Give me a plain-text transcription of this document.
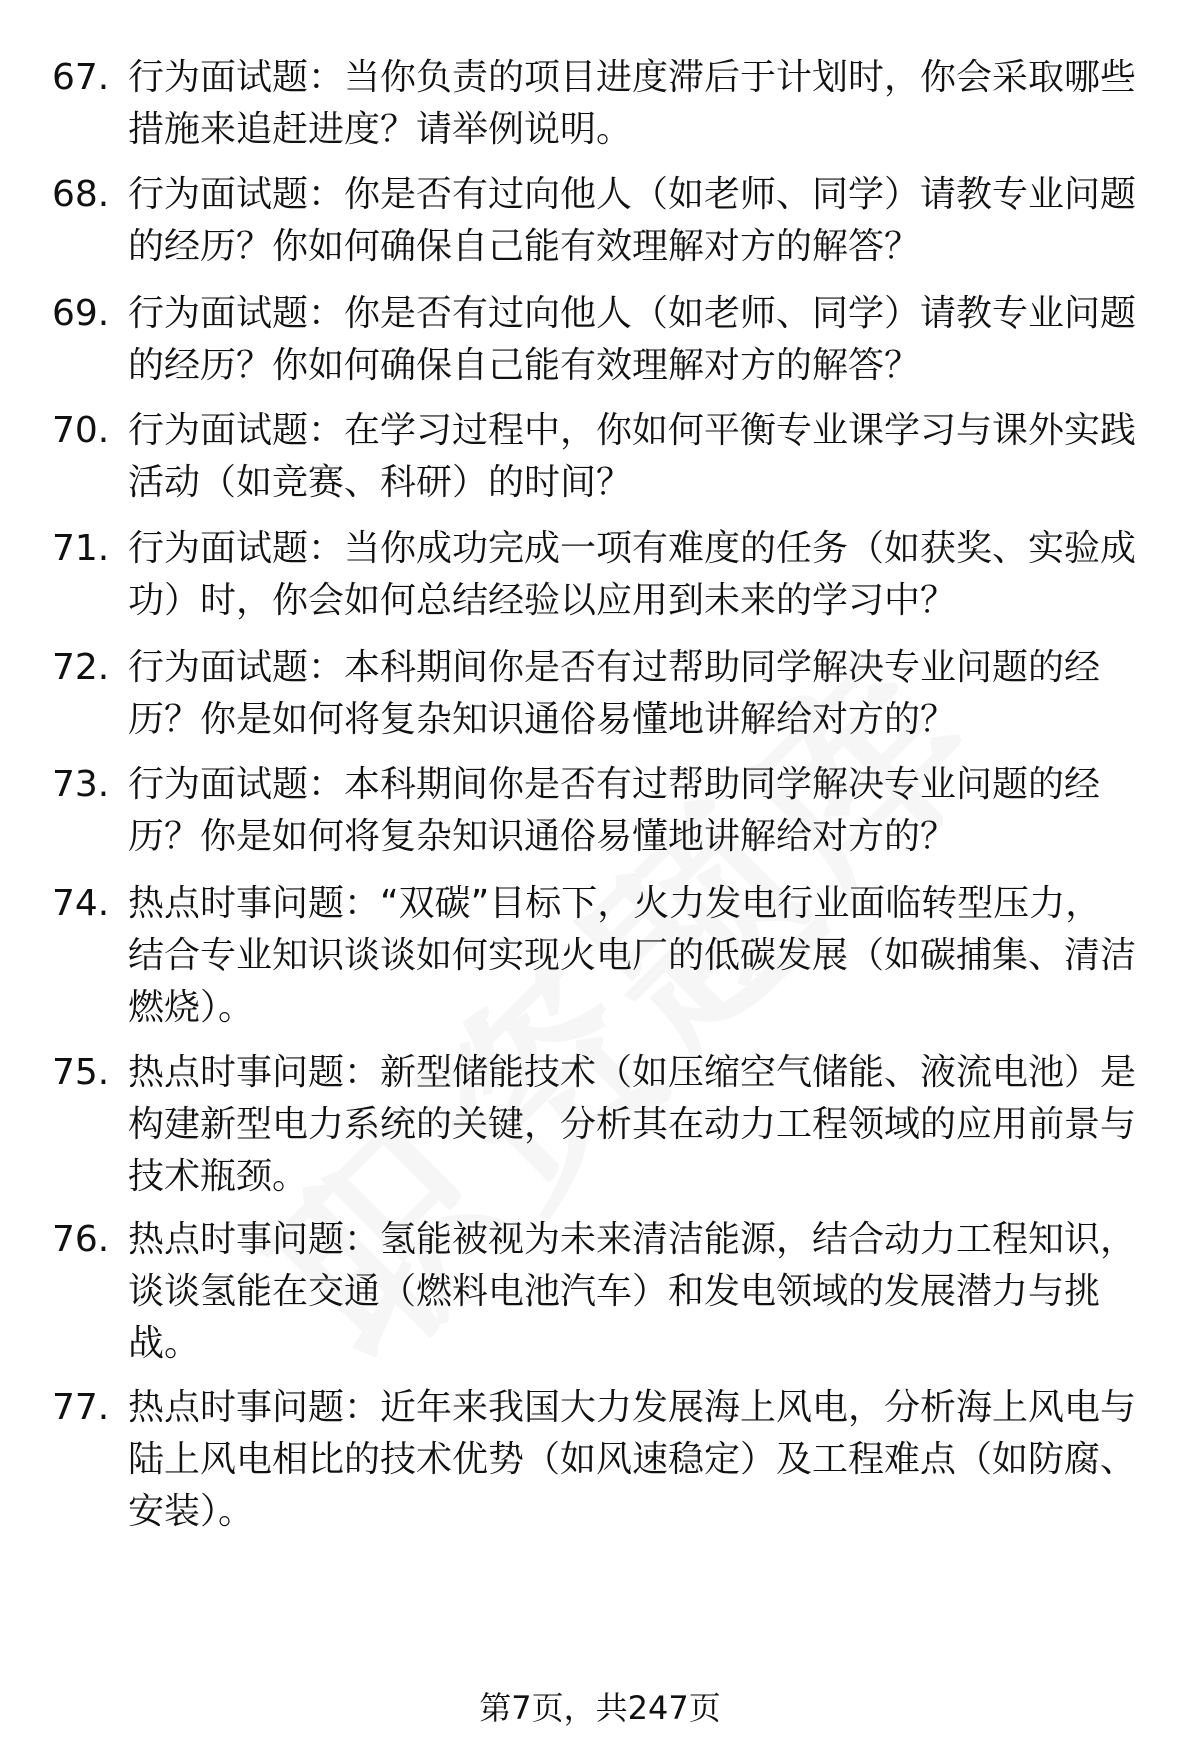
67. 行为面试题：当你负责的项目进度滞后于计划时，你会采取哪些
措施来追赶进度？请举例说明。
68. 行为面试题：你是否有过向他人（如老师、同学）请教专业问题
的经历？你如何确保自己能有效理解对方的解答？
69. 行为面试题：你是否有过向他人（如老师、同学）请教专业问题
的经历？你如何确保自己能有效理解对方的解答？
70. 行为面试题：在学习过程中，你如何平衡专业课学习与课外实践
活动（如竞赛、科研）的时间？
71. 行为面试题：当你成功完成一项有难度的任务（如获奖、实验成
功）时，你会如何总结经验以应用到未来的学习中？
72. 行为面试题：本科期间你是否有过帮助同学解决专业问题的经
历？你是如何将复杂知识通俗易懂地讲解给对方的？
73. 行为面试题：本科期间你是否有过帮助同学解决专业问题的经
历？你是如何将复杂知识通俗易懂地讲解给对方的？
74. 热点时事问题：“双碳”目标下，火力发电行业面临转型压力，
结合专业知识谈谈如何实现火电厂的低碳发展（如碳捕集、清洁
燃烧）。
75. 热点时事问题：新型储能技术（如压缩空气储能、液流电池）是
构建新型电力系统的关键，分析其在动力工程领域的应用前景与
技术瓶颈。
76. 热点时事问题：氢能被视为未来清洁能源，结合动力工程知识，
谈谈氢能在交通（燃料电池汽车）和发电领域的发展潜力与挑
战。
77. 热点时事问题：近年来我国大力发展海上风电，分析海上风电与
陆上风电相比的技术优势（如风速稳定）及工程难点（如防腐、
安装）。
第7页，共247页
